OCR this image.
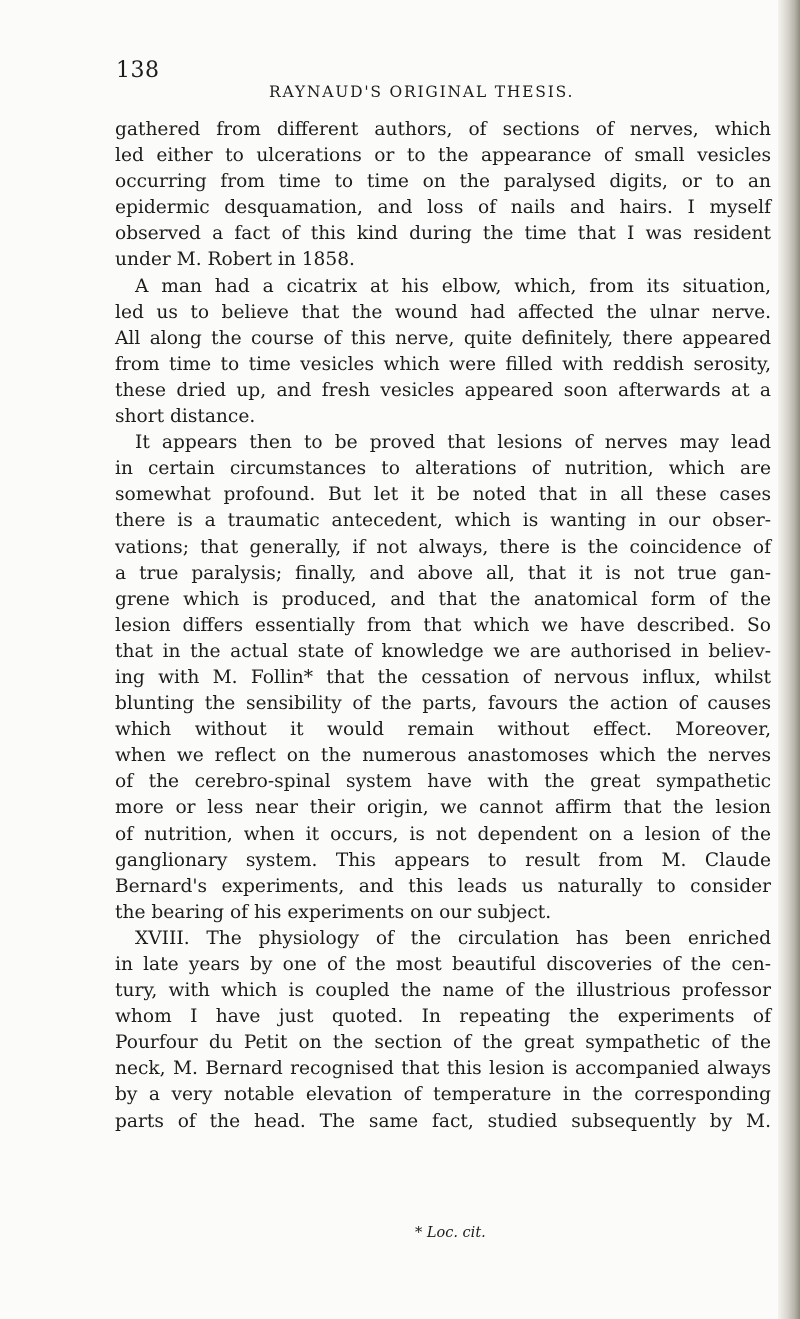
138
RAYNAUD'S ORIGINAL THESIS.
gathered from different authors, of sections of nerves, which
led either to ulcerations or to the appearance of small vesicles
occurring from time to time on the paralysed digits, or to an
epidermic desquamation, and loss of nails and hairs. I myself
observed a fact of this kind during the time that I was resident
under M. Robert in 1858.
A man had a cicatrix at his elbow, which, from its situation,
led us to believe that the wound had affected the ulnar nerve.
All along the course of this nerve, quite definitely, there appeared
from time to time vesicles which were filled with reddish serosity,
these dried up, and fresh vesicles appeared soon afterwards at a
short distance.
It appears then to be proved that lesions of nerves may lead
in certain circumstances to alterations of nutrition, which are
somewhat profound. But let it be noted that in all these cases
there is a traumatic antecedent, which is wanting in our obser-
vations; that generally, if not always, there is the coincidence of
a true paralysis; finally, and above all, that it is not true gan-
grene which is produced, and that the anatomical form of the
lesion differs essentially from that which we have described. So
that in the actual state of knowledge we are authorised in believ-
ing with M. Follin* that the cessation of nervous influx, whilst
blunting the sensibility of the parts, favours the action of causes
which without it would remain without effect. Moreover,
when we reflect on the numerous anastomoses which the nerves
of the cerebro-spinal system have with the great sympathetic
more or less near their origin, we cannot affirm that the lesion
of nutrition, when it occurs, is not dependent on a lesion of the
ganglionary system. This appears to result from M. Claude
Bernard's experiments, and this leads us naturally to consider
the bearing of his experiments on our subject.
XVIII. The physiology of the circulation has been enriched
in late years by one of the most beautiful discoveries of the cen-
tury, with which is coupled the name of the illustrious professor
whom I have just quoted. In repeating the experiments of
Pourfour du Petit on the section of the great sympathetic of the
neck, M. Bernard recognised that this lesion is accompanied always
by a very notable elevation of temperature in the corresponding
parts of the head. The same fact, studied subsequently by M.
* Loc. cit.
